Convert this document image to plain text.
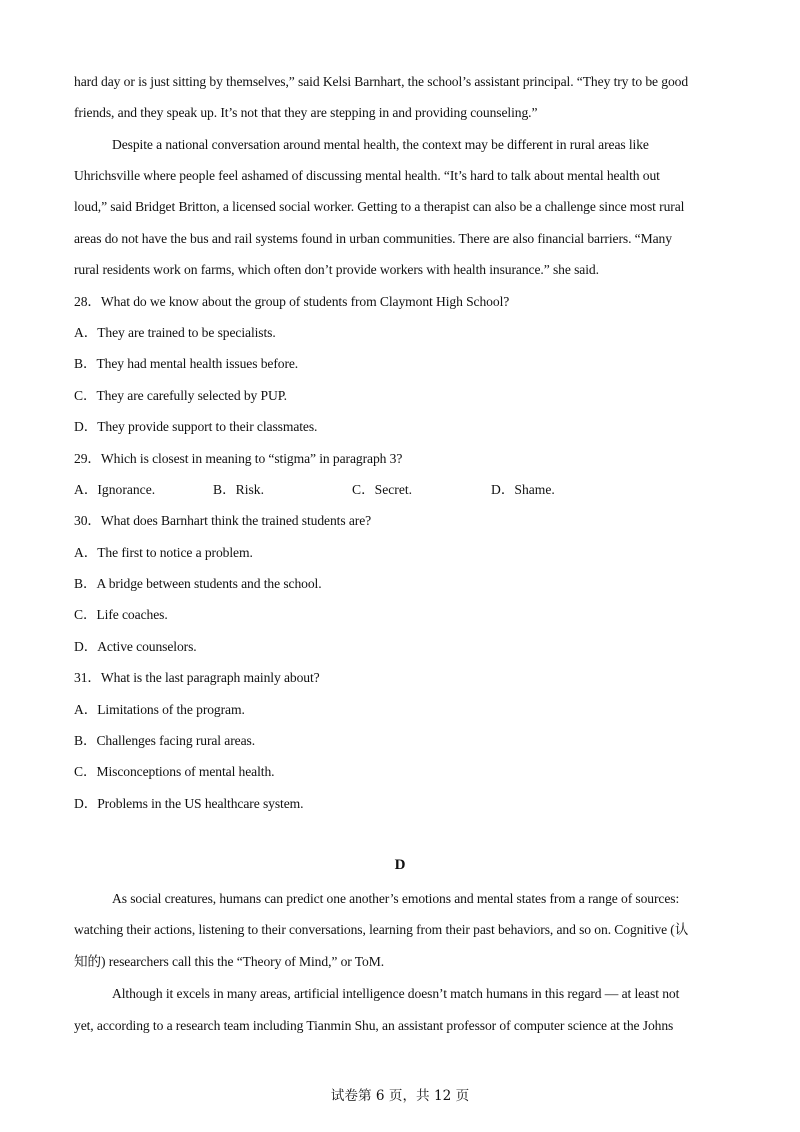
hard day or is just sitting by themselves,” said Kelsi Barnhart, the school’s assistant principal. “They try to be good
friends, and they speak up. It’s not that they are stepping in and providing counseling.”
Despite a national conversation around mental health, the context may be different in rural areas like
Uhrichsville where people feel ashamed of discussing mental health. “It’s hard to talk about mental health out
loud,” said Bridget Britton, a licensed social worker. Getting to a therapist can also be a challenge since most rural
areas do not have the bus and rail systems found in urban communities. There are also financial barriers. “Many
rural residents work on farms, which often don’t provide workers with health insurance.” she said.
28．What do we know about the group of students from Claymont High School?
A．They are trained to be specialists.
B．They had mental health issues before.
C．They are carefully selected by PUP.
D．They provide support to their classmates.
29．Which is closest in meaning to “stigma” in paragraph 3?
A．Ignorance.	B．Risk.	C．Secret.	D．Shame.
30．What does Barnhart think the trained students are?
A．The first to notice a problem.
B．A bridge between students and the school.
C．Life coaches.
D．Active counselors.
31．What is the last paragraph mainly about?
A．Limitations of the program.
B．Challenges facing rural areas.
C．Misconceptions of mental health.
D．Problems in the US healthcare system.
D
As social creatures, humans can predict one another’s emotions and mental states from a range of sources:
watching their actions, listening to their conversations, learning from their past behaviors, and so on. Cognitive (认
知的) researchers call this the “Theory of Mind,” or ToM.
Although it excels in many areas, artificial intelligence doesn’t match humans in this regard — at least not
yet, according to a research team including Tianmin Shu, an assistant professor of computer science at the Johns
试卷第 6 页，共 12 页
